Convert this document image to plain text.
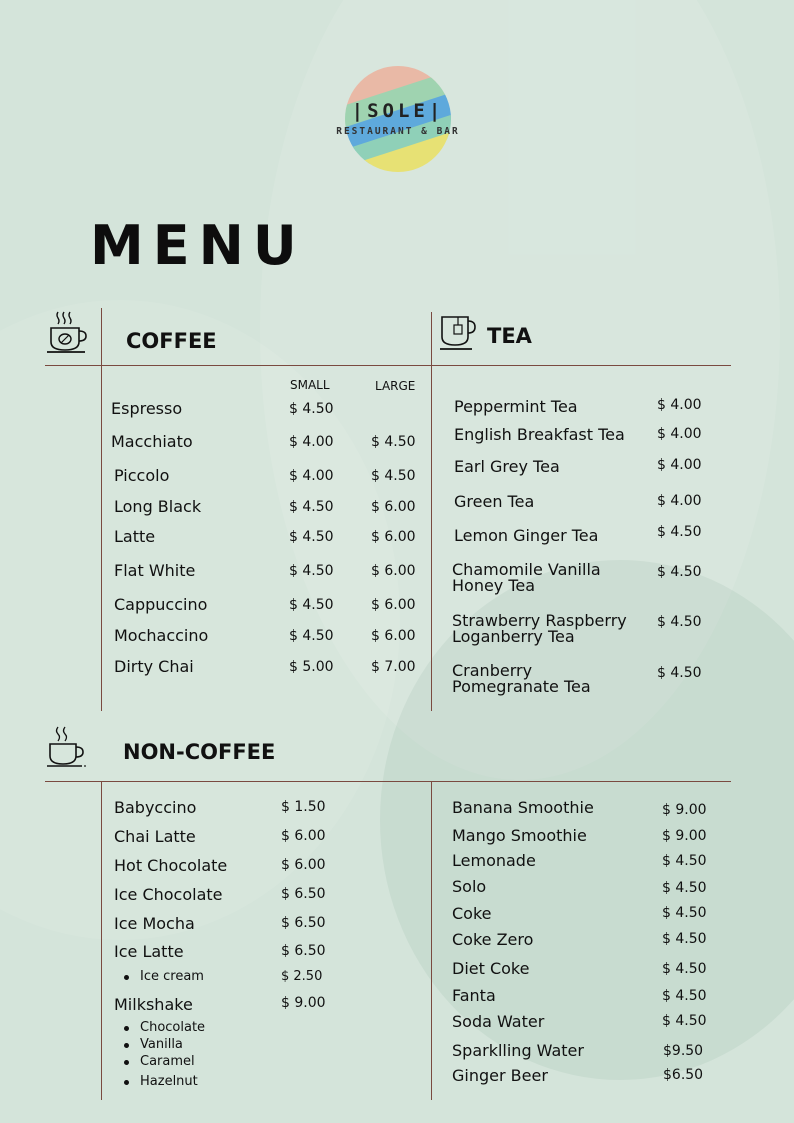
|SOLE|
RESTAURANT & BAR
MENU
COFFEE	TEA
SMALL	LARGE
Espresso	$ 4.50
Macchiato	$ 4.00	$ 4.50
Piccolo	$ 4.00	$ 4.50
Long Black	$ 4.50	$ 6.00
Latte	$ 4.50	$ 6.00
Flat White	$ 4.50	$ 6.00
Cappuccino	$ 4.50	$ 6.00
Mochaccino	$ 4.50	$ 6.00
Dirty Chai	$ 5.00	$ 7.00
Peppermint Tea	$ 4.00
English Breakfast Tea $ 4.00
Earl Grey Tea	$ 4.00
Green Tea	$ 4.00
Lemon Ginger Tea	$ 4.50
Chamomile Vanilla
Honey Tea
$ 4.50
Strawberry Raspberry
Loganberry Tea
$ 4.50
Cranberry
Pomegranate Tea
$ 4.50
NON-COFFEE
Babyccino	$ 1.50
Chai Latte	$ 6.00
Hot Chocolate	$ 6.00
Ice Chocolate	$ 6.50
Ice Mocha	$ 6.50
Ice Latte	$ 6.50
Ice cream	$ 2.50
Milkshake	$ 9.00
Chocolate
Vanilla
Caramel
Hazelnut
Banana Smoothie	$ 9.00
Mango Smoothie	$ 9.00
Lemonade	$ 4.50
Solo	$ 4.50
Coke	$ 4.50
Coke Zero	$ 4.50
Diet Coke	$ 4.50
Fanta	$ 4.50
Soda Water	$ 4.50
Sparklling Water	$9.50
Ginger Beer	$6.50
